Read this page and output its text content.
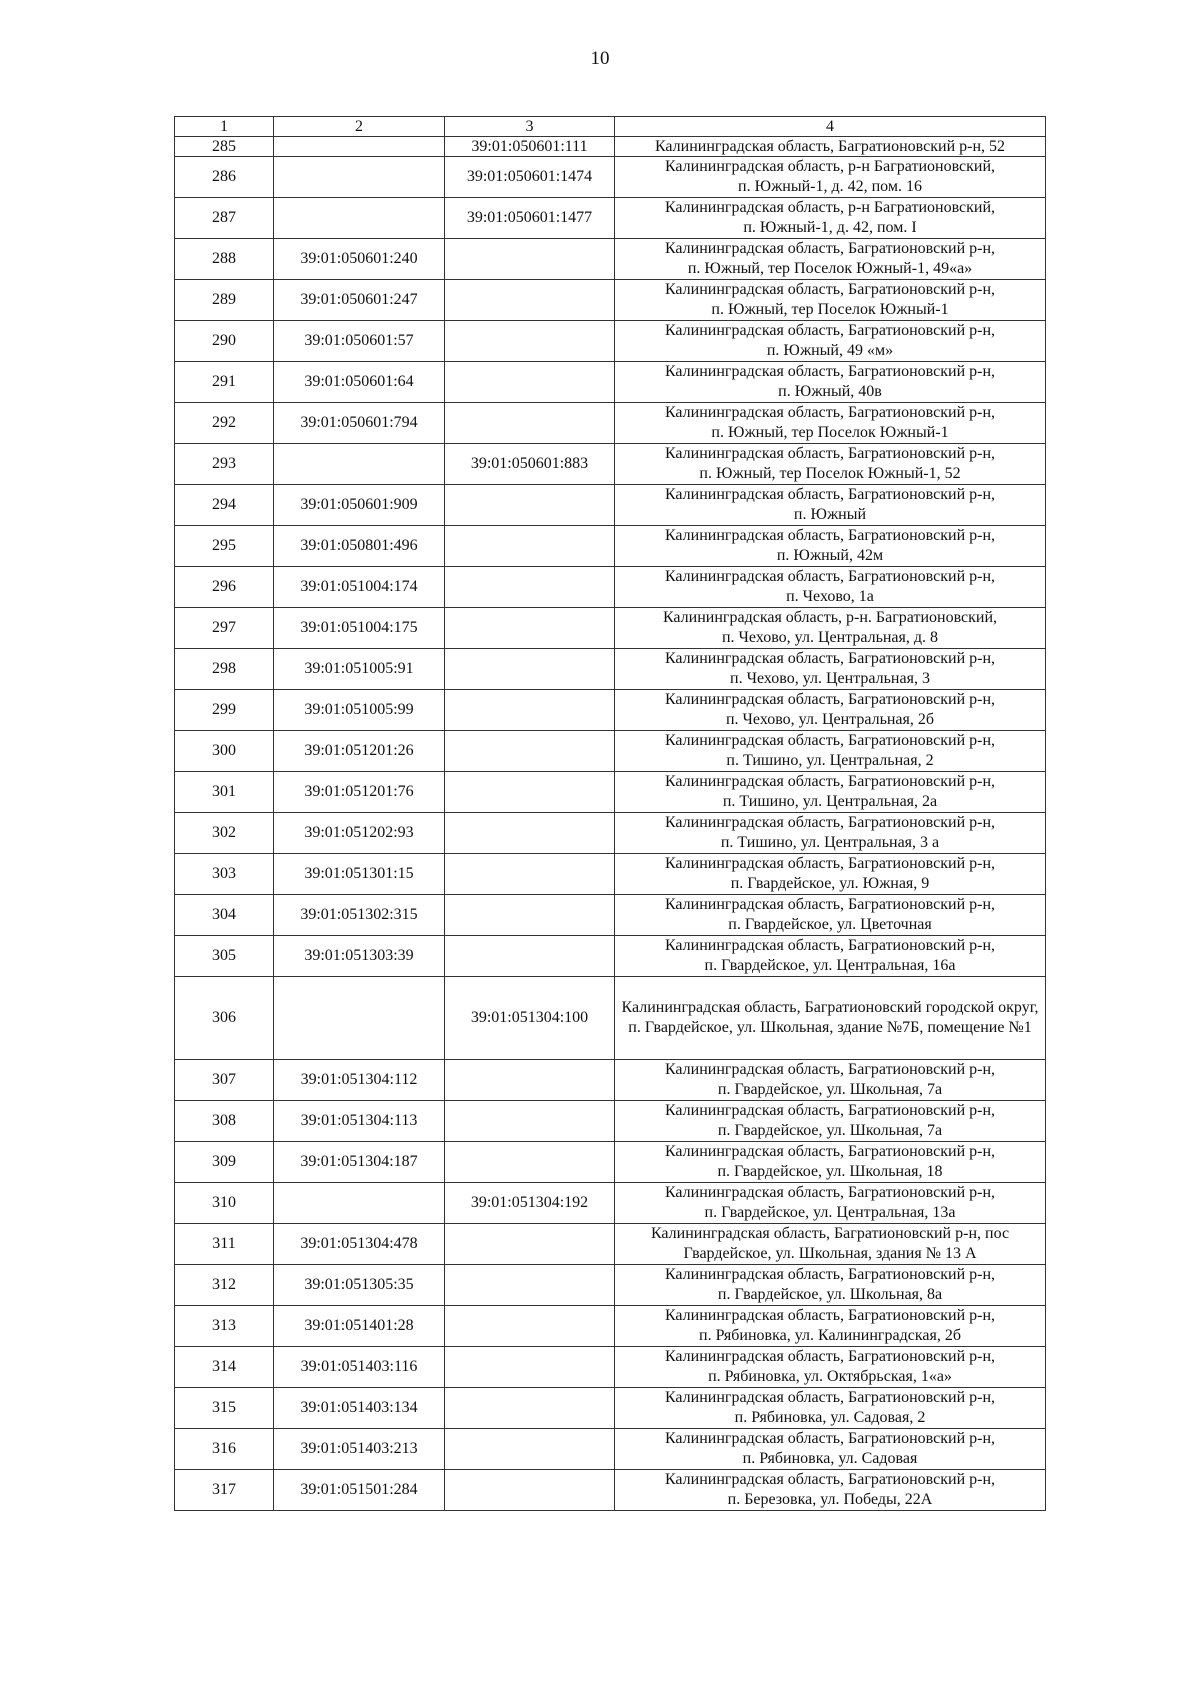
10
1	2	3	4
285		39:01:050601:111	Калининградская область, Багратионовский р-н, 52

286		39:01:050601:1474	Калининградская область, р-н Багратионовский,
п. Южный-1, д. 42, пом. 16

287		39:01:050601:1477	Калининградская область, р-н Багратионовский,
п. Южный-1, д. 42, пом. I

288	39:01:050601:240		Калининградская область, Багратионовский р-н,
п. Южный, тер Поселок Южный-1, 49«а»

289	39:01:050601:247		Калининградская область, Багратионовский р-н,
п. Южный, тер Поселок Южный-1

290	39:01:050601:57		Калининградская область, Багратионовский р-н,
п. Южный, 49 «м»

291	39:01:050601:64		Калининградская область, Багратионовский р-н,
п. Южный, 40в

292	39:01:050601:794		Калининградская область, Багратионовский р-н,
п. Южный, тер Поселок Южный-1

293		39:01:050601:883	Калининградская область, Багратионовский р-н,
п. Южный, тер Поселок Южный-1, 52

294	39:01:050601:909		Калининградская область, Багратионовский р-н,
п. Южный

295	39:01:050801:496		Калининградская область, Багратионовский р-н,
п. Южный, 42м

296	39:01:051004:174		Калининградская область, Багратионовский р-н,
п. Чехово, 1а

297	39:01:051004:175		Калининградская область, р-н. Багратионовский,
п. Чехово, ул. Центральная, д. 8

298	39:01:051005:91		Калининградская область, Багратионовский р-н,
п. Чехово, ул. Центральная, 3

299	39:01:051005:99		Калининградская область, Багратионовский р-н,
п. Чехово, ул. Центральная, 2б

300	39:01:051201:26		Калининградская область, Багратионовский р-н,
п. Тишино, ул. Центральная, 2

301	39:01:051201:76		Калининградская область, Багратионовский р-н,
п. Тишино, ул. Центральная, 2а

302	39:01:051202:93		Калининградская область, Багратионовский р-н,
п. Тишино, ул. Центральная, 3 а

303	39:01:051301:15		Калининградская область, Багратионовский р-н,
п. Гвардейское, ул. Южная, 9

304	39:01:051302:315		Калининградская область, Багратионовский р-н,
п. Гвардейское, ул. Цветочная

305	39:01:051303:39		Калининградская область, Багратионовский р-н,
п. Гвардейское, ул. Центральная, 16а

306		39:01:051304:100	Калининградская область, Багратионовский городской округ,
п. Гвардейское, ул. Школьная, здание №7Б, помещение №1

307	39:01:051304:112		Калининградская область, Багратионовский р-н,
п. Гвардейское, ул. Школьная, 7а

308	39:01:051304:113		Калининградская область, Багратионовский р-н,
п. Гвардейское, ул. Школьная, 7а

309	39:01:051304:187		Калининградская область, Багратионовский р-н,
п. Гвардейское, ул. Школьная, 18

310		39:01:051304:192	Калининградская область, Багратионовский р-н,
п. Гвардейское, ул. Центральная, 13а

311	39:01:051304:478		Калининградская область, Багратионовский р-н, пос
Гвардейское, ул. Школьная, здания № 13 А

312	39:01:051305:35		Калининградская область, Багратионовский р-н,
п. Гвардейское, ул. Школьная, 8а

313	39:01:051401:28		Калининградская область, Багратионовский р-н,
п. Рябиновка, ул. Калининградская, 2б

314	39:01:051403:116		Калининградская область, Багратионовский р-н,
п. Рябиновка, ул. Октябрьская, 1«а»

315	39:01:051403:134		Калининградская область, Багратионовский р-н,
п. Рябиновка, ул. Садовая, 2

316	39:01:051403:213		Калининградская область, Багратионовский р-н,
п. Рябиновка, ул. Садовая

317	39:01:051501:284		Калининградская область, Багратионовский р-н,
п. Березовка, ул. Победы, 22А
